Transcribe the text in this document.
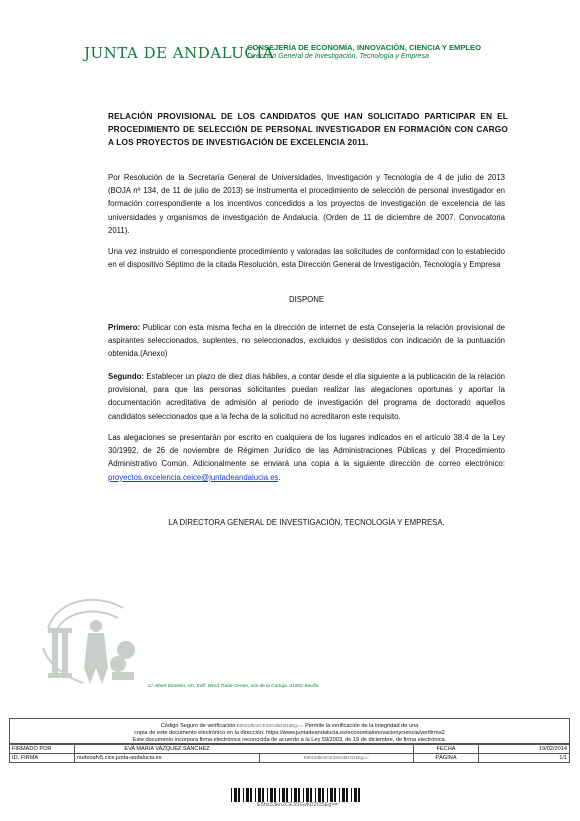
JUNTA DE ANDALUCIA
CONSEJERÍA DE ECONOMÍA, INNOVACIÓN, CIENCIA Y EMPLEO
Dirección General de Investigación, Tecnología y Empresa
RELACIÓN PROVISIONAL DE LOS CANDIDATOS QUE HAN SOLICITADO PARTICIPAR EN EL PROCEDIMIENTO DE SELECCIÓN DE PERSONAL INVESTIGADOR EN FORMACIÓN CON CARGO A LOS PROYECTOS DE INVESTIGACIÓN DE EXCELENCIA 2011.
Por Resolución de la Secretaría General de Universidades, Investigación y Tecnología de 4 de julio de 2013 (BOJA nº 134, de 11 de julio de 2013) se instrumenta el procedimiento de selección de personal investigador en formación correspondiente a los incentivos concedidos a los proyectos de investigación de excelencia de las universidades y organismos de investigación de Andalucía. (Orden de 11 de diciembre de 2007. Convocatoria 2011).
Una vez instruido el correspondiente procedimiento y valoradas las solicitudes de conformidad con lo establecido en el dispositivo Séptimo de la citada Resolución, esta Dirección General de Investigación, Tecnología y Empresa
DISPONE
Primero: Publicar con esta misma fecha en la dirección de internet de esta Consejería la relación provisional de aspirantes seleccionados, suplentes, no seleccionados, excluidos y desistidos con indicación de la puntuación obtenida.(Anexo)
Segundo: Establecer un plazo de diez días hábiles, a contar desde el día siguiente a la publicación de la relación provisional, para que las personas solicitantes puedan realizar las alegaciones oportunas y aportar la documentación acreditativa de admisión al periodo de investigación del programa de doctorado aquellos candidatos seleccionados que a la fecha de la solicitud no acreditaron este requisito.
Las alegaciones se presentarán por escrito en cualquiera de los lugares indicados en el artículo 38.4 de la Ley 30/1992, de 26 de noviembre de Régimen Jurídico de las Administraciones Públicas y del Procedimiento Administrativo Común. Adicionalmente se enviará una copia a la siguiente dirección de correo electrónico: proyectos.excelencia.ceice@juntadeandalucia.es.
LA DIRECTORA GENERAL DE INVESTIGACIÓN, TECNOLOGÍA Y EMPRESA.
C/ Albert Einstein, s/n, Edif. Word Trade Center, Isla de la Cartuja. 41092-Sevilla
Código Seguro de verificación:E5hz33kn2CE3SGvkD2t15Eg==. Permite la verificación de la integridad de una
copia de este documento electrónico en la dirección: https://www.juntadeandalucia.es/economiainnovacionyciencia/verifirma2
Este documento incorpora firma electrónica reconocida de acuerdo a la Ley 59/2003, de 19 de diciembre, de firma electrónica.
FIRMADO POR	EVA MARIA VAZQUEZ SANCHEZ		FECHA	19/02/2014
ID. FIRMA	nudeoafv5.cice.junta-andalucia.es	E5hz33kn2CE3SGvkD2t15Eg==	PÁGINA	1/1
E5hz33kn2CE3SGvkD2t15Eg==
